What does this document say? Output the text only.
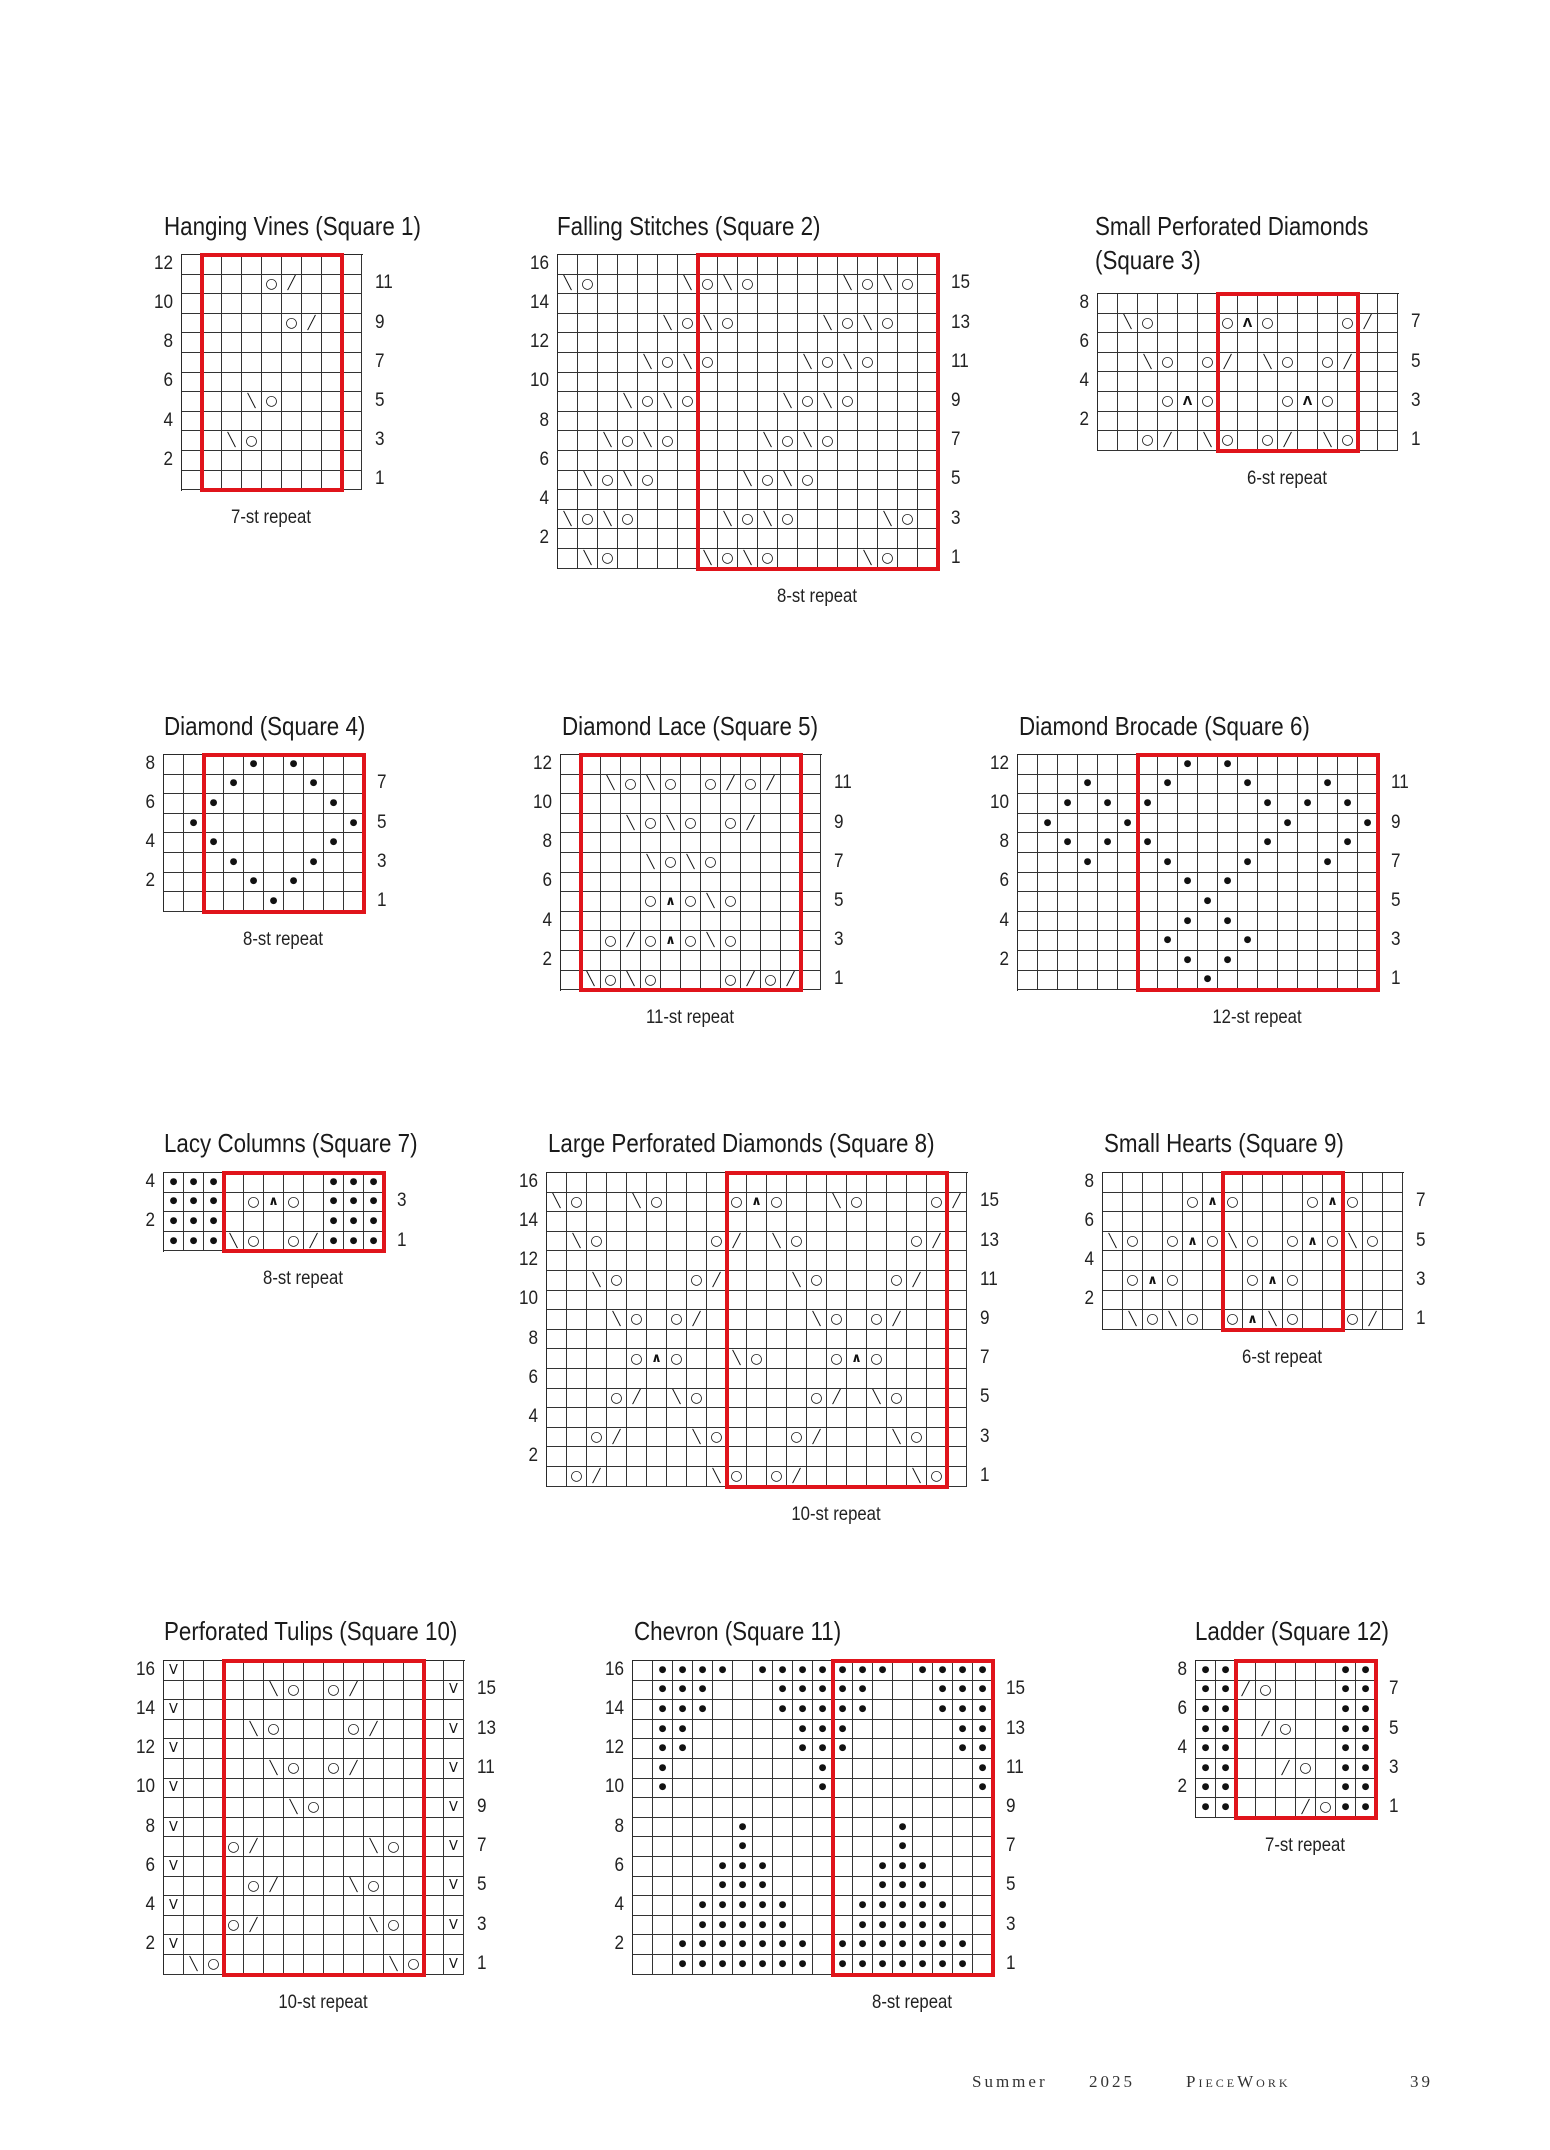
Hanging Vines (Square 1)
○
╱
○
╱
╲
○
╲
○
12
10
8
6
4
2
11
9
7
5
3
1
7-st repeat
Falling Stitches (Square 2)
╲
○
╲
○
╲
○
╲
○
╲
○
╲
○
╲
○
╲
○
╲
○
╲
○
╲
○
╲
○
╲
○
╲
○
╲
○
╲
○
╲
○
╲
○
╲
○
╲
○
╲
○
╲
○
╲
○
╲
○
╲
○
╲
○
╲
○
╲
○
╲
○
╲
○
╲
○
╲
○
╲
○
╲
○
16
14
12
10
8
6
4
2
15
13
11
9
7
5
3
1
8-st repeat
Small Perforated Diamonds
(Square 3)
╲
○
○
Λ
○
○
╱
╲
○
○
╱
╲
○
○
╱
○
Λ
○
○
Λ
○
○
╱
╲
○
○
╱
╲
○
8
6
4
2
7
5
3
1
6-st repeat
Diamond (Square 4)
●
●
●
●
●
●
●
●
●
●
●
●
●
●
●
8
6
4
2
7
5
3
1
8-st repeat
Diamond Lace (Square 5)
╲
○
╲
○
○
╱
○
╱
╲
○
╲
○
○
╱
╲
○
╲
○
○
∧
○
╲
○
○
╱
○
∧
○
╲
○
╲
○
╲
○
○
╱
○
╱
12
10
8
6
4
2
11
9
7
5
3
1
11-st repeat
Diamond Brocade (Square 6)
●
●
●
●
●
●
●
●
●
●
●
●
●
●
●
●
●
●
●
●
●
●
●
●
●
●
●
●
●
●
●
●
●
●
●
12
10
8
6
4
2
11
9
7
5
3
1
12-st repeat
Lacy Columns (Square 7)
●
●
●
●
●
●
●
●
●
○
∧
○
●
●
●
●
●
●
●
●
●
●
●
●
╲
○
○
╱
●
●
●
4
2
3
1
8-st repeat
Large Perforated Diamonds (Square 8)
╲
○
╲
○
○
∧
○
╲
○
○
╱
╲
○
○
╱
╲
○
○
╱
╲
○
○
╱
╲
○
○
╱
╲
○
○
╱
╲
○
○
╱
○
∧
○
╲
○
○
∧
○
○
╱
╲
○
○
╱
╲
○
○
╱
╲
○
○
╱
╲
○
○
╱
╲
○
○
╱
╲
○
16
14
12
10
8
6
4
2
15
13
11
9
7
5
3
1
10-st repeat
Small Hearts (Square 9)
○
∧
○
○
∧
○
╲
○
○
∧
○
╲
○
○
∧
○
╲
○
○
∧
○
○
∧
○
╲
○
╲
○
○
∧
╲
○
○
╱
8
6
4
2
7
5
3
1
6-st repeat
Perforated Tulips (Square 10)
V
╲
○
○
╱
V
V
╲
○
○
╱
V
V
╲
○
○
╱
V
V
╲
○
V
V
○
╱
╲
○
V
V
○
╱
╲
○
V
V
○
╱
╲
○
V
V
╲
○
╲
○
V
16
14
12
10
8
6
4
2
15
13
11
9
7
5
3
1
10-st repeat
Chevron (Square 11)
●
●
●
●
●
●
●
●
●
●
●
●
●
●
●
●
●
●
●
●
●
●
●
●
●
●
●
●
●
●
●
●
●
●
●
●
●
●
●
●
●
●
●
●
●
●
●
●
●
●
●
●
●
●
●
●
●
●
●
●
●
●
●
●
●
●
●
●
●
●
●
●
●
●
●
●
●
●
●
●
●
●
●
●
●
●
●
●
●
●
●
●
●
●
●
●
●
●
●
●
●
●
●
●
●
●
●
●
●
●
●
●
●
●
●
●
●
●
●
●
●
16
14
12
10
8
6
4
2
15
13
11
9
7
5
3
1
8-st repeat
Ladder (Square 12)
●
●
●
●
●
●
╱
○
●
●
●
●
●
●
●
●
╱
○
●
●
●
●
●
●
●
●
╱
○
●
●
●
●
●
●
●
●
╱
○
●
●
8
6
4
2
7
5
3
1
7-st repeat
Summer 2025	PieceWork	39
